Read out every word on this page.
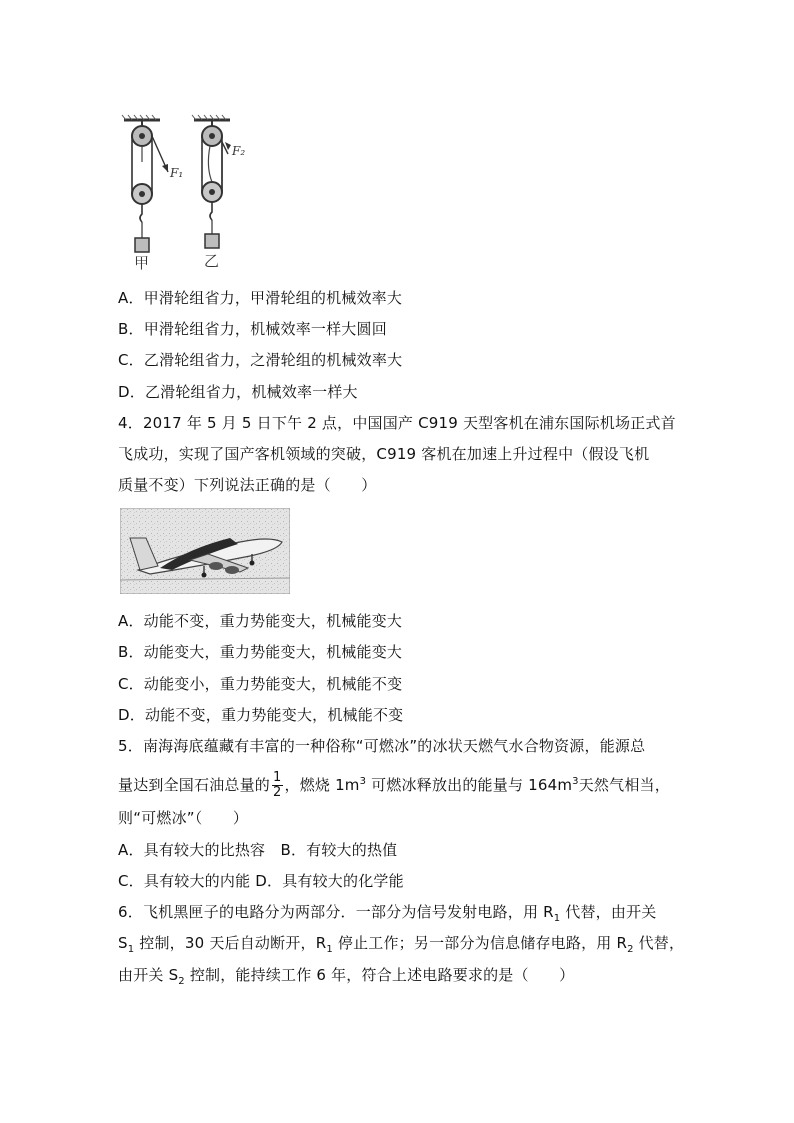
F₁
F₂
甲	乙
A．甲滑轮组省力，甲滑轮组的机械效率大
B．甲滑轮组省力，机械效率一样大圆回
C．乙滑轮组省力，之滑轮组的机械效率大
D．乙滑轮组省力，机械效率一样大
4．2017 年 5 月 5 日下午 2 点，中国国产 C919 天型客机在浦东国际机场正式首
飞成功，实现了国产客机领域的突破，C919 客机在加速上升过程中（假设飞机
质量不变）下列说法正确的是（　　）
A．动能不变，重力势能变大，机械能变大
B．动能变大，重力势能变大，机械能变大
C．动能变小，重力势能变大，机械能不变
D．动能不变，重力势能变大，机械能不变
5．南海海底蕴藏有丰富的一种俗称“可燃冰”的冰状天燃气水合物资源，能源总
量达到全国石油总量的 $\frac{1}{2}$ ，燃烧 $1m^3$ 可燃冰释放出的能量与 $164m^3$天然气相当，
则“可燃冰”（　　）
A．具有较大的比热容　B．有较大的热值
C．具有较大的内能 D．具有较大的化学能
6．飞机黑匣子的电路分为两部分．一部分为信号发射电路，用 $R_1$ 代替，由开关
$S_1$ 控制，30 天后自动断开，$R_1$ 停止工作；另一部分为信息储存电路，用 $R_2$ 代替，
由开关 $S_2$ 控制，能持续工作 6 年，符合上述电路要求的是（　　）
